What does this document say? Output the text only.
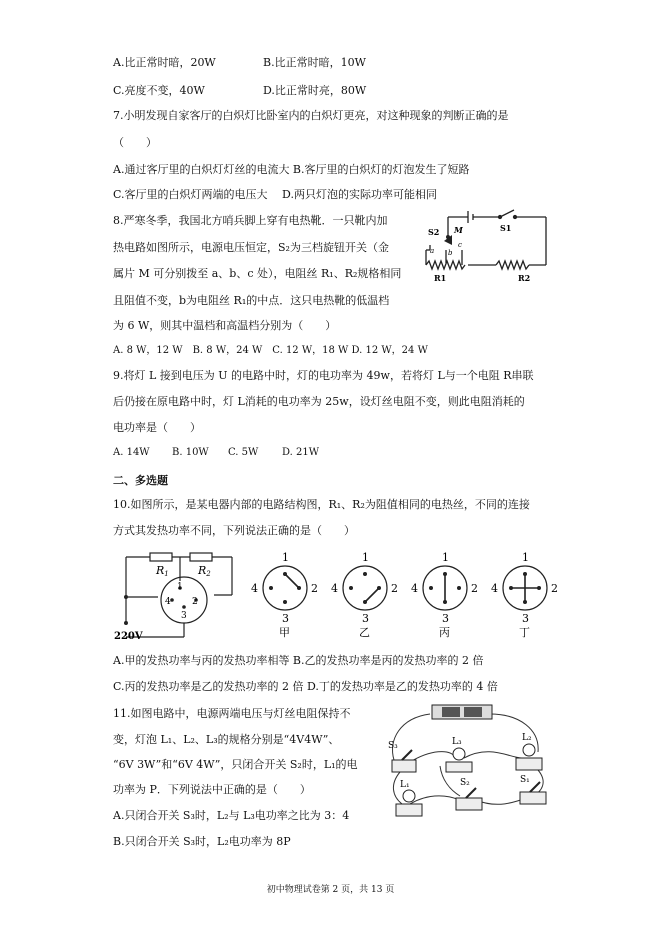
A.比正常时暗，20W	B.比正常时暗，10W
C.亮度不变，40W	D.比正常时亮，80W
7.小明发现自家客厅的白炽灯比卧室内的白炽灯更亮，对这种现象的判断正确的是
（　　）
A.通过客厅里的白炽灯灯丝的电流大 B.客厅里的白炽灯的灯泡发生了短路
C.客厅里的白炽灯两端的电压大　 D.两只灯泡的实际功率可能相同
8.严寒冬季，我国北方哨兵脚上穿有电热靴．一只靴内加
热电路如图所示，电源电压恒定，S₂为三档旋钮开关（金
属片 M 可分别拨至 a、b、c 处），电阻丝 R₁、R₂规格相同
且阻值不变，b为电阻丝 R₁的中点．这只电热靴的低温档
为 6 W，则其中温档和高温档分别为（　　）
A. 8 W，12 W　B. 8 W，24 W　C. 12 W，18 W D. 12 W，24 W
S2 M
a b
c
S1
R1	R2
9.将灯 L 接到电压为 U 的电路中时，灯的电功率为 49w，若将灯 L与一个电阻 R串联
后仍接在原电路中时，灯 L消耗的电功率为 25w，设灯丝电阻不变，则此电阻消耗的
电功率是（　　）
A. 14W B. 10W C. 5W D. 21W
二、多选题
10.如图所示，是某电器内部的电路结构图，R₁、R₂为阻值相同的电热丝，不同的连接
方式其发热功率不同，下列说法正确的是（　　）
R1	R2
1
4 2
3
220V
1
2
3
4
甲
1
2
3
4
乙
1
2
3
4
丙
1
2
3
4
丁
A.甲的发热功率与丙的发热功率相等 B.乙的发热功率是丙的发热功率的 2 倍
C.丙的发热功率是乙的发热功率的 2 倍 D.丁的发热功率是乙的发热功率的 4 倍
11.如图电路中，电源两端电压与灯丝电阻保持不
变，灯泡 L₁、L₂、L₃的规格分别是“4V4W”、
“6V 3W”和“6V 4W”，只闭合开关 S₂时，L₁的电
功率为 P．下列说法中正确的是（　　）
A.只闭合开关 S₃时，L₂与 L₃电功率之比为 3：4
B.只闭合开关 S₃时，L₂电功率为 8P
S₃	L₃	L₂
L₁	S₂	S₁
初中物理试卷第 2 页，共 13 页
